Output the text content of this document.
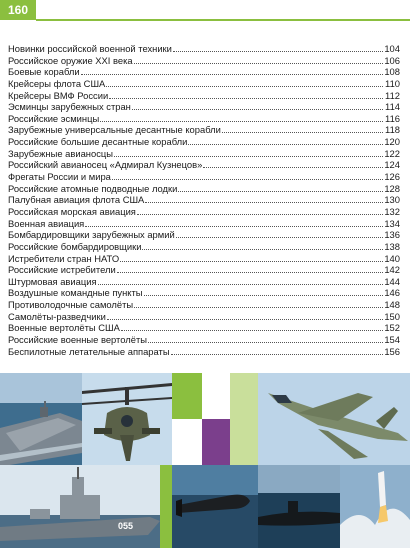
160
Новинки российской военной техники	104
Российское оружие XXI века	106
Боевые корабли	108
Крейсеры флота США	110
Крейсеры ВМФ России	112
Эсминцы зарубежных стран	114
Российские эсминцы	116
Зарубежные универсальные десантные корабли	118
Российские большие десантные корабли	120
Зарубежные авианосцы	122
Российский авианосец «Адмирал Кузнецов»	124
Фрегаты России и мира	126
Российские атомные подводные лодки	128
Палубная авиация флота США	130
Российская морская авиация	132
Военная авиация	134
Бомбардировщики зарубежных армий	136
Российские бомбардировщики	138
Истребители стран НАТО	140
Российские истребители	142
Штурмовая авиация	144
Воздушные командные пункты	146
Противолодочные самолёты	148
Самолёты-разведчики	150
Военные вертолёты США	152
Российские военные вертолёты	154
Беспилотные летательные аппараты	156
055
